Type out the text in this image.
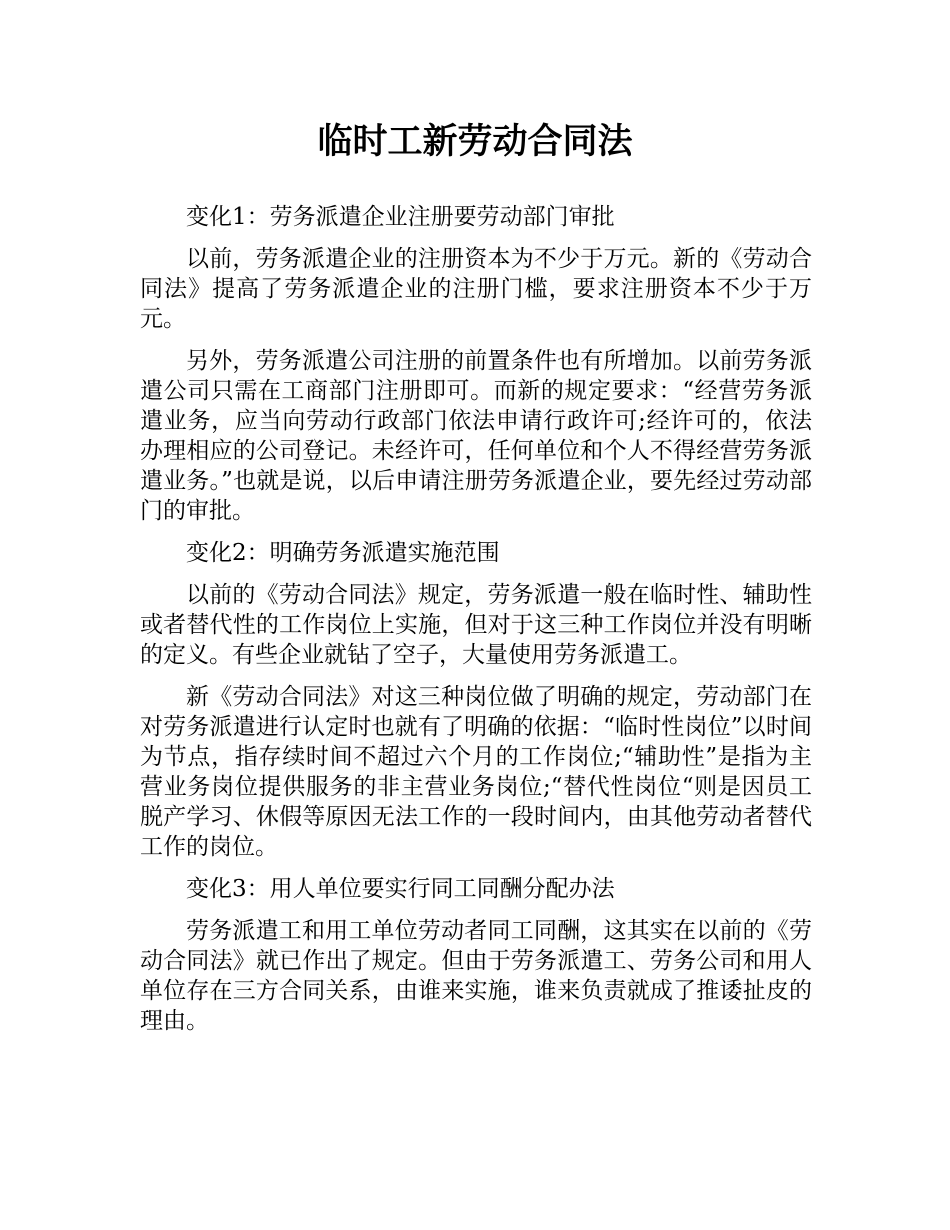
临时工新劳动合同法

变化1：劳务派遣企业注册要劳动部门审批

以前，劳务派遣企业的注册资本为不少于万元。新的《劳动合同法》提高了劳务派遣企业的注册门槛，要求注册资本不少于万元。

另外，劳务派遣公司注册的前置条件也有所增加。以前劳务派遣公司只需在工商部门注册即可。而新的规定要求：“经营劳务派遣业务，应当向劳动行政部门依法申请行政许可;经许可的，依法办理相应的公司登记。未经许可，任何单位和个人不得经营劳务派遣业务。”也就是说，以后申请注册劳务派遣企业，要先经过劳动部门的审批。

变化2：明确劳务派遣实施范围

以前的《劳动合同法》规定，劳务派遣一般在临时性、辅助性或者替代性的工作岗位上实施，但对于这三种工作岗位并没有明晰的定义。有些企业就钻了空子，大量使用劳务派遣工。

新《劳动合同法》对这三种岗位做了明确的规定，劳动部门在对劳务派遣进行认定时也就有了明确的依据：“临时性岗位”以时间为节点，指存续时间不超过六个月的工作岗位;“辅助性”是指为主营业务岗位提供服务的非主营业务岗位;“替代性岗位“则是因员工脱产学习、休假等原因无法工作的一段时间内，由其他劳动者替代工作的岗位。

变化3：用人单位要实行同工同酬分配办法

劳务派遣工和用工单位劳动者同工同酬，这其实在以前的《劳动合同法》就已作出了规定。但由于劳务派遣工、劳务公司和用人单位存在三方合同关系，由谁来实施，谁来负责就成了推诿扯皮的理由。
